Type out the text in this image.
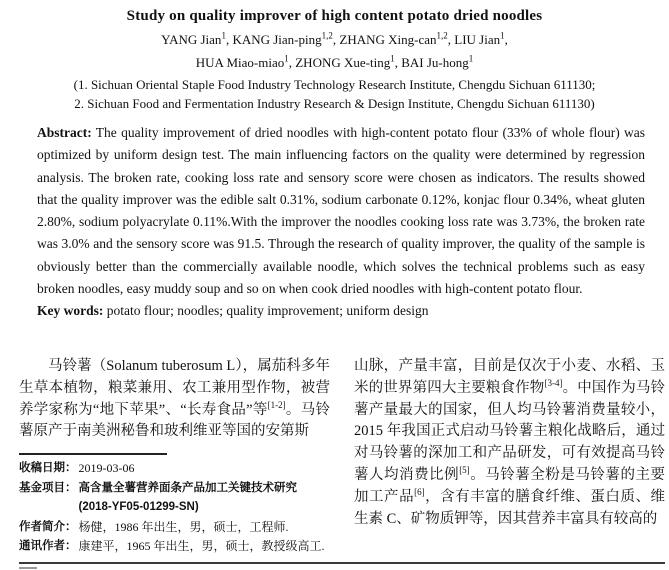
Study on quality improver of high content potato dried noodles

YANG Jian$^1$, KANG Jian-ping$^{1,2}$, ZHANG Xing-can$^{1,2}$, LIU Jian$^1$,

HUA Miao-miao$^1$, ZHONG Xue-ting$^1$, BAI Ju-hong$^1$

(1. Sichuan Oriental Staple Food Industry Technology Research Institute, Chengdu Sichuan 611130;

2. Sichuan Food and Fermentation Industry Research & Design Institute, Chengdu Sichuan 611130)

Abstract: The quality improvement of dried noodles with high-content potato flour (33% of whole flour) was optimized by uniform design test. The main influencing factors on the quality were determined by regression analysis. The broken rate, cooking loss rate and sensory score were chosen as indicators. The results showed that the quality improver was the edible salt 0.31%, sodium carbonate 0.12%, konjac flour 0.34%, wheat gluten 2.80%, sodium polyacrylate 0.11%.With the improver the noodles cooking loss rate was 3.73%, the broken rate was 3.0% and the sensory score was 91.5. Through the research of quality improver, the quality of the sample is obviously better than the commercially available noodle, which solves the technical problems such as easy broken noodles, easy muddy soup and so on when cook dried noodles with high-content potato flour.

Key words: potato flour; noodles; quality improvement; uniform design

马铃薯（Solanum tuberosum L），属茄科多年生草本植物，粮菜兼用、农工兼用型作物，被营养学家称为“地下苹果”、“长寿食品”等[1-2]。马铃薯原产于南美洲秘鲁和玻利维亚等国的安第斯

收稿日期： 2019-03-06
基金项目： 高含量全薯营养面条产品加工关键技术研究 (2018-YF05-01299-SN)
作者简介： 杨健，1986 年出生，男，硕士，工程师.
通讯作者： 康建平，1965 年出生，男，硕士，教授级高工.

山脉，产量丰富，目前是仅次于小麦、水稻、玉米的世界第四大主要粮食作物[3-4]。中国作为马铃薯产量最大的国家，但人均马铃薯消费量较小，2015 年我国正式启动马铃薯主粮化战略后，通过对马铃薯的深加工和产品研发，可有效提高马铃薯人均消费比例[5]。马铃薯全粉是马铃薯的主要加工产品[6]，含有丰富的膳食纤维、蛋白质、维生素 C、矿物质钾等，因其营养丰富具有较高的
